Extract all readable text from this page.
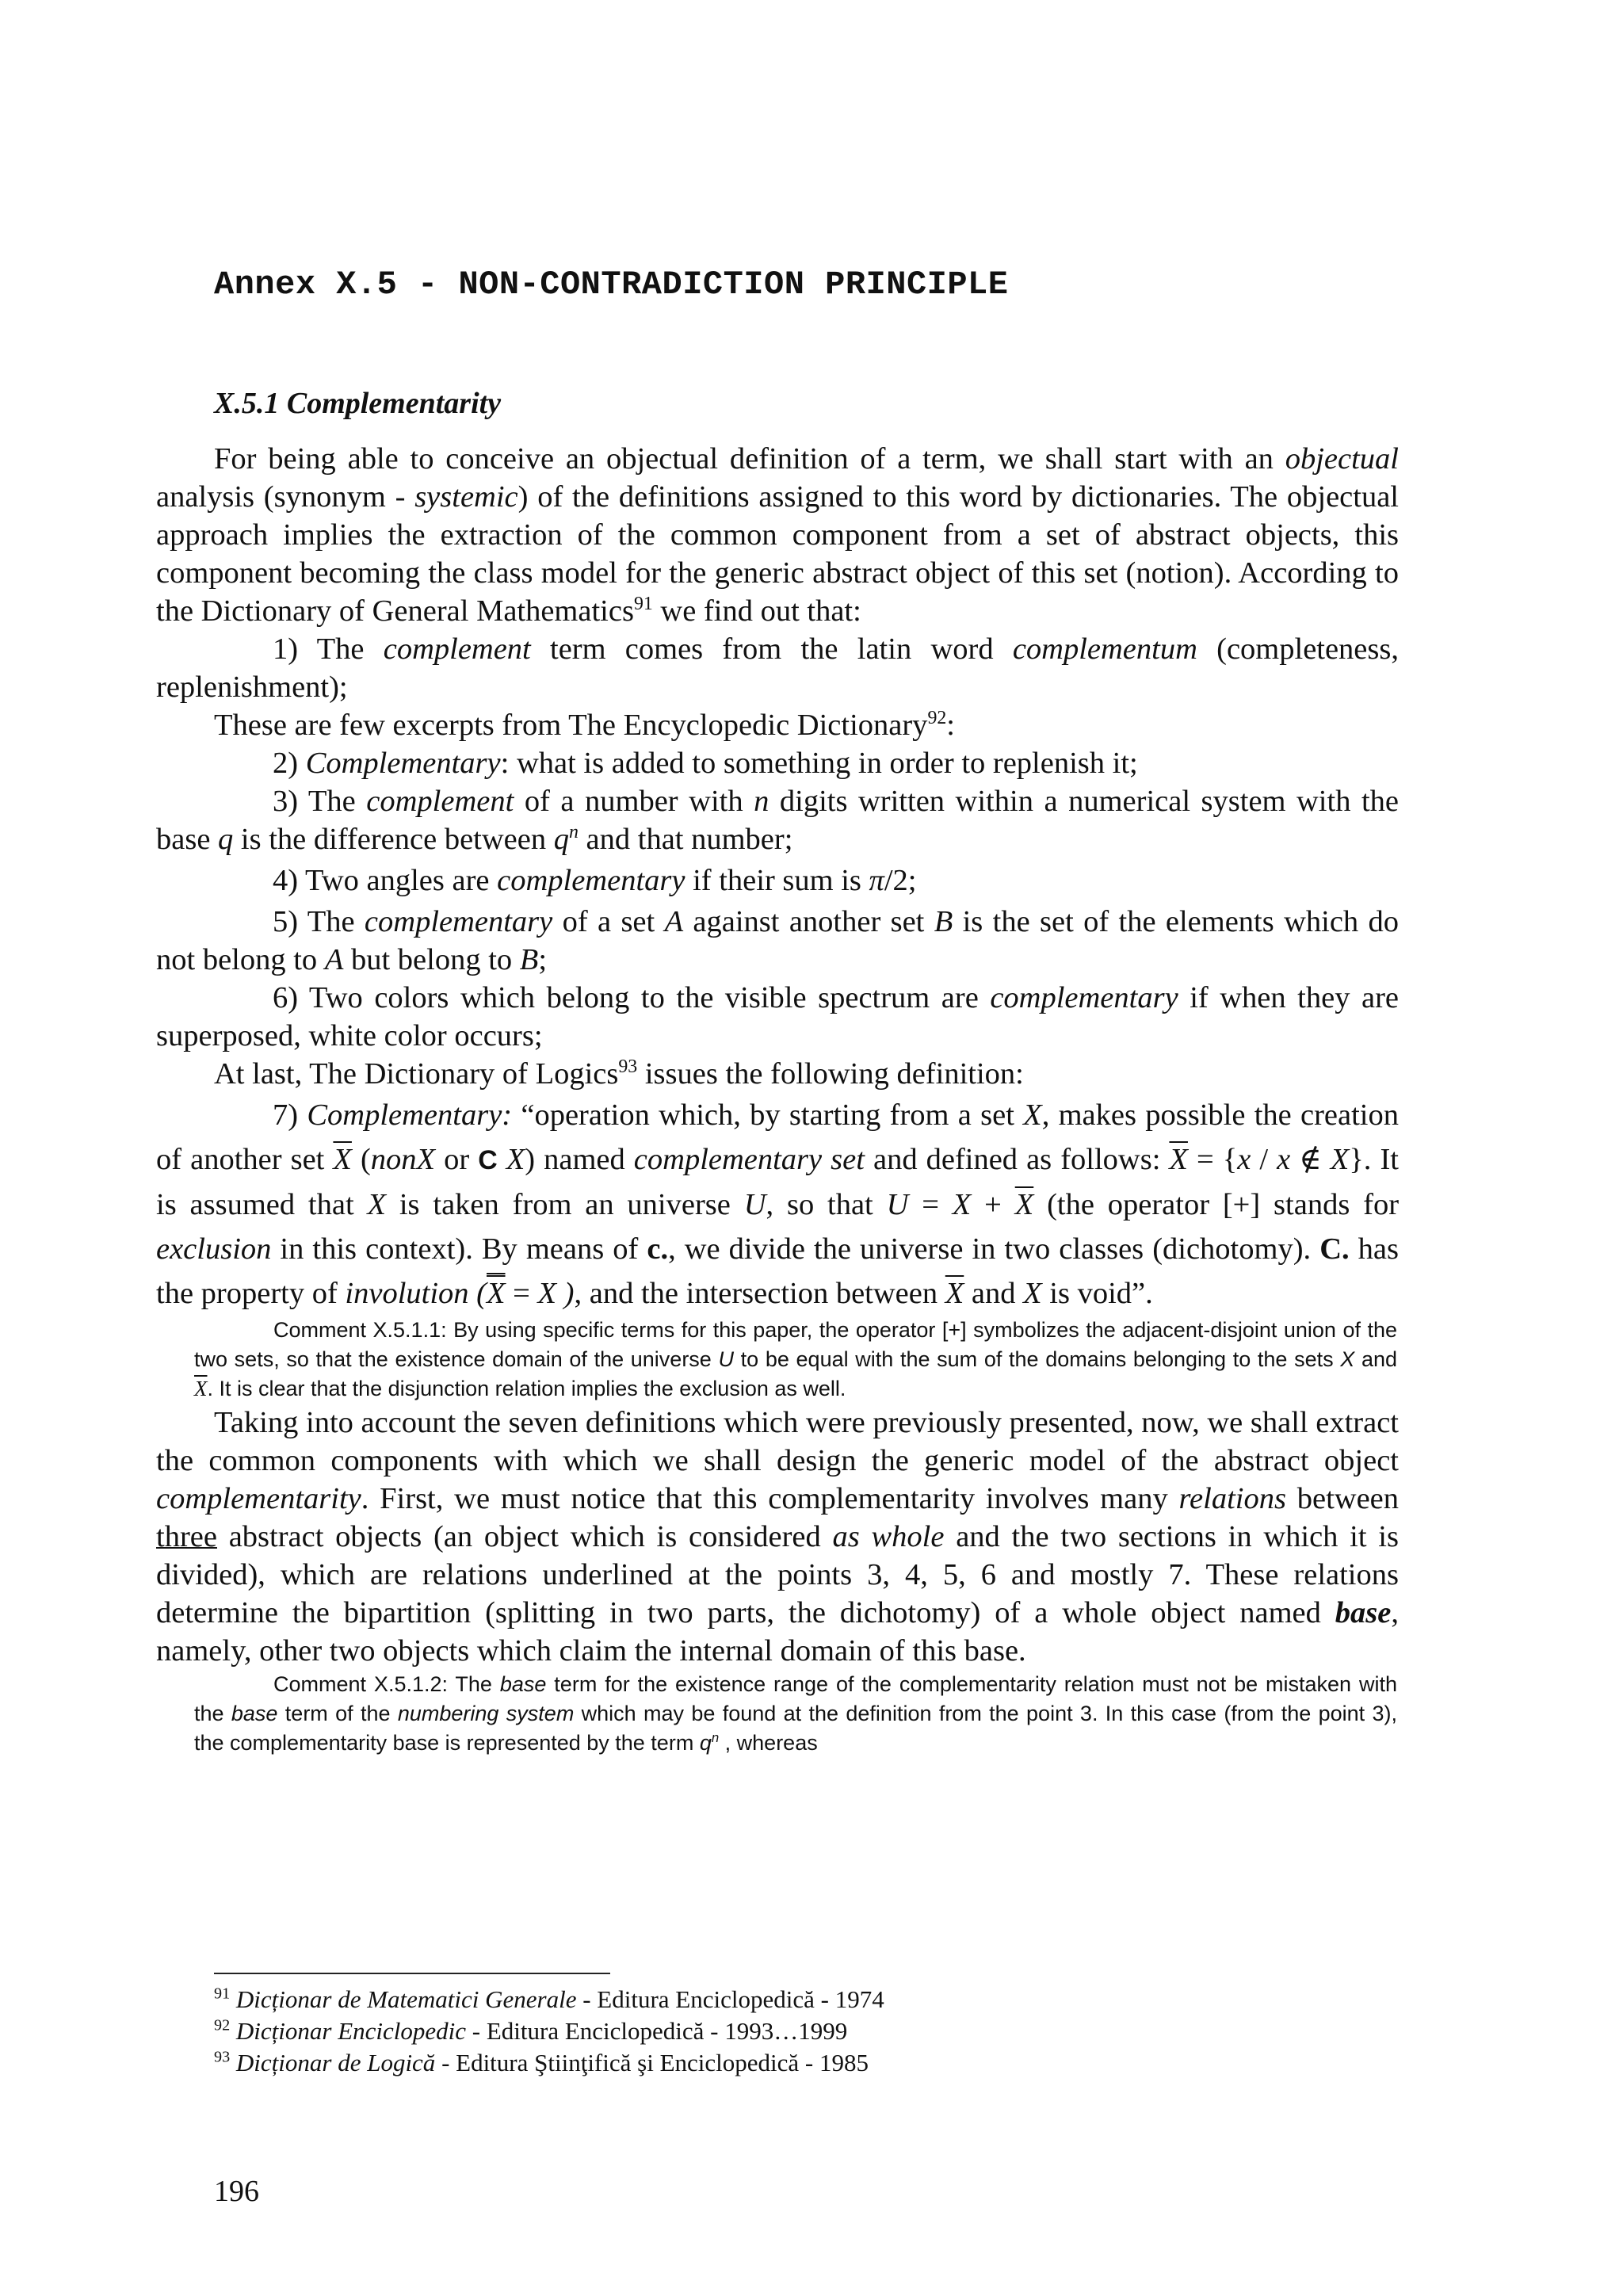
Annex X.5 - NON-CONTRADICTION PRINCIPLE
X.5.1 Complementarity

For being able to conceive an objectual definition of a term, we shall start with an objectual analysis (synonym - systemic) of the definitions assigned to this word by dictionaries. The objectual approach implies the extraction of the common component from a set of abstract objects, this component becoming the class model for the generic abstract object of this set (notion). According to the Dictionary of General Mathematics$^{91}$ we find out that:

1) The complement term comes from the latin word complementum (completeness, replenishment);

These are few excerpts from The Encyclopedic Dictionary$^{92}$:

2) Complementary: what is added to something in order to replenish it;

3) The complement of a number with n digits written within a numerical system with the base q is the difference between $q^n$ and that number;

4) Two angles are complementary if their sum is π/2;

5) The complementary of a set A against another set B is the set of the elements which do not belong to A but belong to B;

6) Two colors which belong to the visible spectrum are complementary if when they are superposed, white color occurs;

At last, The Dictionary of Logics$^{93}$ issues the following definition:

7) Complementary: “operation which, by starting from a set X, makes possible the creation of another set $\overline{X}$ (nonX or C X) named complementary set and defined as follows: $\overline{X} = \{x / x$ ∉ X}. It is assumed that X is taken from an universe U, so that $U = X + \overline{X}$ (the operator [+] stands for exclusion in this context). By means of c., we divide the universe in two classes (dichotomy). C. has the property of involution (X = X ), and the intersection between $\overline{X}$ and X is void”.

Comment X.5.1.1: By using specific terms for this paper, the operator [+] symbolizes the adjacent-disjoint union of the two sets, so that the existence domain of the universe U to be equal with the sum of the domains belonging to the sets X and $\overline{X}$. It is clear that the disjunction relation implies the exclusion as well.

Taking into account the seven definitions which were previously presented, now, we shall extract the common components with which we shall design the generic model of the abstract object complementarity. First, we must notice that this complementarity involves many relations between three abstract objects (an object which is considered as whole and the two sections in which it is divided), which are relations underlined at the points 3, 4, 5, 6 and mostly 7. These relations determine the bipartition (splitting in two parts, the dichotomy) of a whole object named base, namely, other two objects which claim the internal domain of this base.

Comment X.5.1.2: The base term for the existence range of the complementarity relation must not be mistaken with the base term of the numbering system which may be found at the definition from the point 3. In this case (from the point 3), the complementarity base is represented by the term $q^n$ , whereas

$^{91}$ Dicționar de Matematici Generale - Editura Enciclopedică - 1974
$^{92}$ Dicționar Enciclopedic - Editura Enciclopedică - 1993…1999
$^{93}$ Dicționar de Logică - Editura Ştiinţifică şi Enciclopedică - 1985
196
